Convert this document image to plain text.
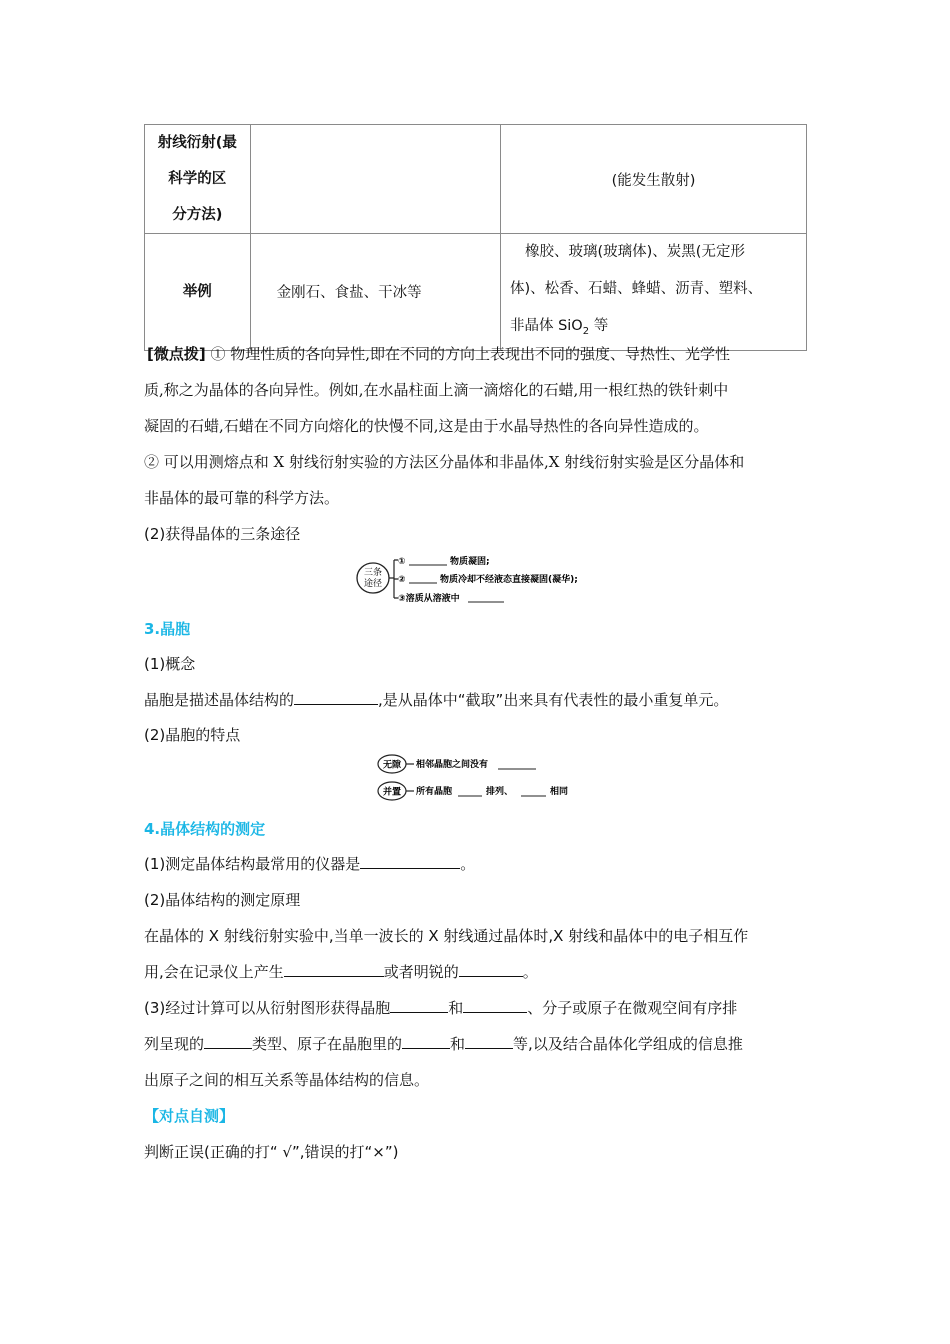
射线衍射(最
科学的区
分方法)		(能发生散射)
举例	金刚石、食盐、干冰等	橡胶、玻璃(玻璃体)、炭黑(无定形
体)、松香、石蜡、蜂蜡、沥青、塑料、
非晶体 SiO$_2$ 等
[微点拨] ① 物理性质的各向异性,即在不同的方向上表现出不同的强度、导热性、光学性
质,称之为晶体的各向异性。例如,在水晶柱面上滴一滴熔化的石蜡,用一根红热的铁针刺中
凝固的石蜡,石蜡在不同方向熔化的快慢不同,这是由于水晶导热性的各向异性造成的。
② 可以用测熔点和 X 射线衍射实验的方法区分晶体和非晶体,X 射线衍射实验是区分晶体和
非晶体的最可靠的科学方法。
(2)获得晶体的三条途径
三条
途径
①	物质凝固;
②	物质冷却不经液态直接凝固(凝华);
③溶质从溶液中
3.晶胞
(1)概念
晶胞是描述晶体结构的	,是从晶体中“截取”出来具有代表性的最小重复单元。
(2)晶胞的特点
无隙 相邻晶胞之间没有
并置 所有晶胞	排列、	相同
4.晶体结构的测定
(1)测定晶体结构最常用的仪器是	。
(2)晶体结构的测定原理
在晶体的 X 射线衍射实验中,当单一波长的 X 射线通过晶体时,X 射线和晶体中的电子相互作
用,会在记录仪上产生	或者明锐的	。
(3)经过计算可以从衍射图形获得晶胞	和	、分子或原子在微观空间有序排
列呈现的	类型、原子在晶胞里的	和	等,以及结合晶体化学组成的信息推
出原子之间的相互关系等晶体结构的信息。
【对点自测】
判断正误(正确的打“ √”,错误的打“×”)
